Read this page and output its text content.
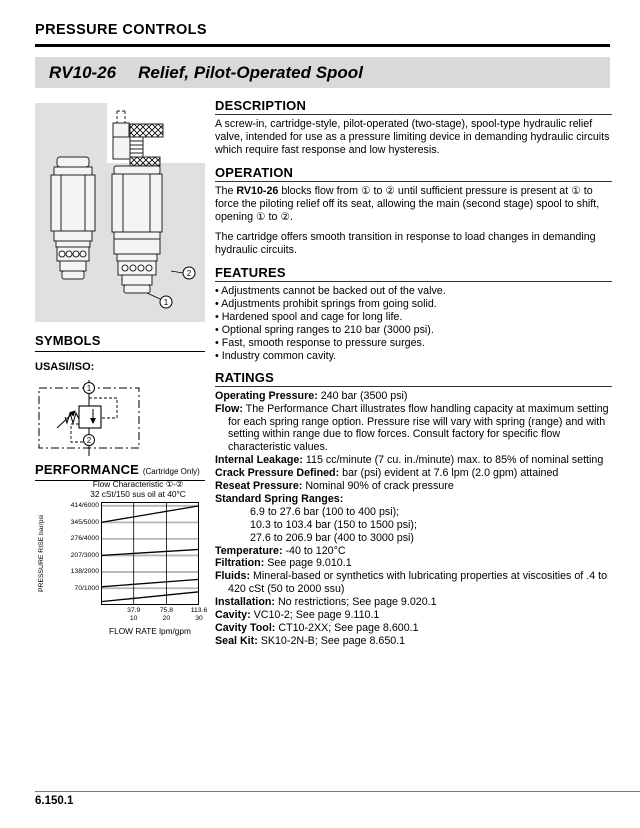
PRESSURE CONTROLS
RV10-26 Relief, Pilot-Operated Spool
2
1
SYMBOLS
USASI/ISO:
1
2
PERFORMANCE (Cartridge Only)
Flow Characteristic ①-②
32 cSt/150 sus oil at 40°C
PRESSURE RISE bar/psi
FLOW RATE lpm/gpm
414/6000
345/5000
276/4000
207/3000
138/2000
70/1000
37.9
10
75.8
20
113.6
30
DESCRIPTION

A screw-in, cartridge-style, pilot-operated (two-stage), spool-type hydraulic relief valve, intended for use as a pressure limiting device in demanding hydraulic circuits which require fast response and low hysteresis.

OPERATION

The RV10-26 blocks flow from ① to ② until sufficient pressure is present at ① to force the piloting relief off its seat, allowing the main (second stage) spool to shift, opening ① to ②.

The cartridge offers smooth transition in response to load changes in demanding hydraulic circuits.

FEATURES
• Adjustments cannot be backed out of the valve.
• Adjustments prohibit springs from going solid.
• Hardened spool and cage for long life.
• Optional spring ranges to 210 bar (3000 psi).
• Fast, smooth response to pressure surges.
• Industry common cavity.
RATINGS
Operating Pressure: 240 bar (3500 psi)
Flow: The Performance Chart illustrates flow handling capacity at maximum setting for each spring range option. Pressure rise will vary with spring (range) and with setting within range due to flow forces. Consult factory for specific flow characteristic values.
Internal Leakage: 115 cc/minute (7 cu. in./minute) max. to 85% of nominal setting
Crack Pressure Defined: bar (psi) evident at 7.6 lpm (2.0 gpm) attained
Reseat Pressure: Nominal 90% of crack pressure
Standard Spring Ranges:
6.9 to 27.6 bar (100 to 400 psi);
10.3 to 103.4 bar (150 to 1500 psi);
27.6 to 206.9 bar (400 to 3000 psi)
Temperature: -40 to 120°C
Filtration: See page 9.010.1
Fluids: Mineral-based or synthetics with lubricating properties at viscosities of .4 to 420 cSt (50 to 2000 ssu)
Installation: No restrictions; See page 9.020.1
Cavity: VC10-2; See page 9.110.1
Cavity Tool: CT10-2XX; See page 8.600.1
Seal Kit: SK10-2N-B; See page 8.650.1
6.150.1
